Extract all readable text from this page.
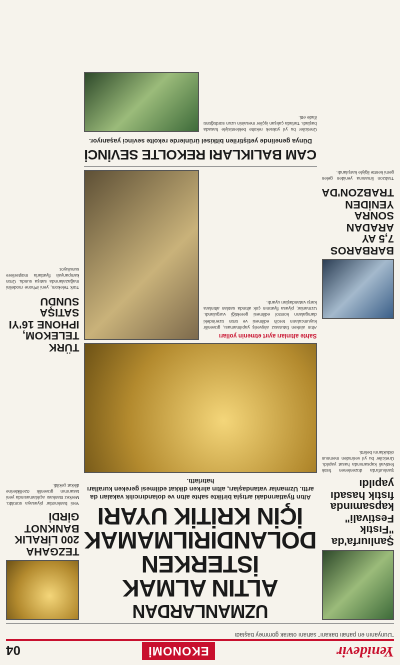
Yenidevir
EKONOMİ
04
"Dünyanın en pahalı bakanı" sahanı olarak gömmey başladı
Şanlıurfa'da "Fıstık Festivali" kapsamında fıstık hasadı yapıldı
Şanlıurfa'da düzenlenen fıstık festivali kapsamında hasat yapıldı. Üreticiler bu yıl verimden memnun olduklarını belirtti.
BARBAROS 7,5 AY ARADAN SONRA YENİDEN TRABZON'DA
Trabzon limanına yeniden gelen gemi kentte ilgiyle karşılandı.
UZMANLARDAN
ALTIN ALMAK İSTERKEN DOLANDIRILMAMAK İÇİN KRİTİK UYARI
Altın fiyatlarındaki artışla birlikte sahte altın ve dolandırıcılık vakaları da arttı. Uzmanlar vatandaşları, altın alırken dikkat edilmesi gereken kuralları hatırlattı.
Sahte altınları ayırt etmenin yolları
Altın alırken faturasız alışveriş yapılmaması, güvenilir kuyumcuların tercih edilmesi ve ürün üzerindeki damgaların kontrol edilmesi gerektiği vurgulandı. Uzmanlar, piyasa fiyatının çok altında satılan altınlara karşı vatandaşları uyardı.
CAM BALIKLARI REKOLTE SEVİNCİ
Dünya genelinde yetiştirilen bitkisel ürünlerde rekolte sevinci yaşanıyor.
Üreticiler bu yıl yüksek rekolte beklentisiyle hasada başladı. Tarlada çalışan işçiler mesainin uzun sürdüğünü ifade etti.
TEZGAHA 200 LİRALIK BANKNOT GİRDİ
Yeni banknotlar piyasaya sürüldü. Merkez Bankası açıklamasında yeni tasarımın güvenlik özelliklerine dikkat çekildi.
TÜRK TELEKOM, IPHONE 16'YI SATIŞA SUNDU
Türk Telekom, yeni iPhone modelini mağazalarında satışa sundu. Ürün kampanyalı fiyatlarla müşterilere sunuluyor.
